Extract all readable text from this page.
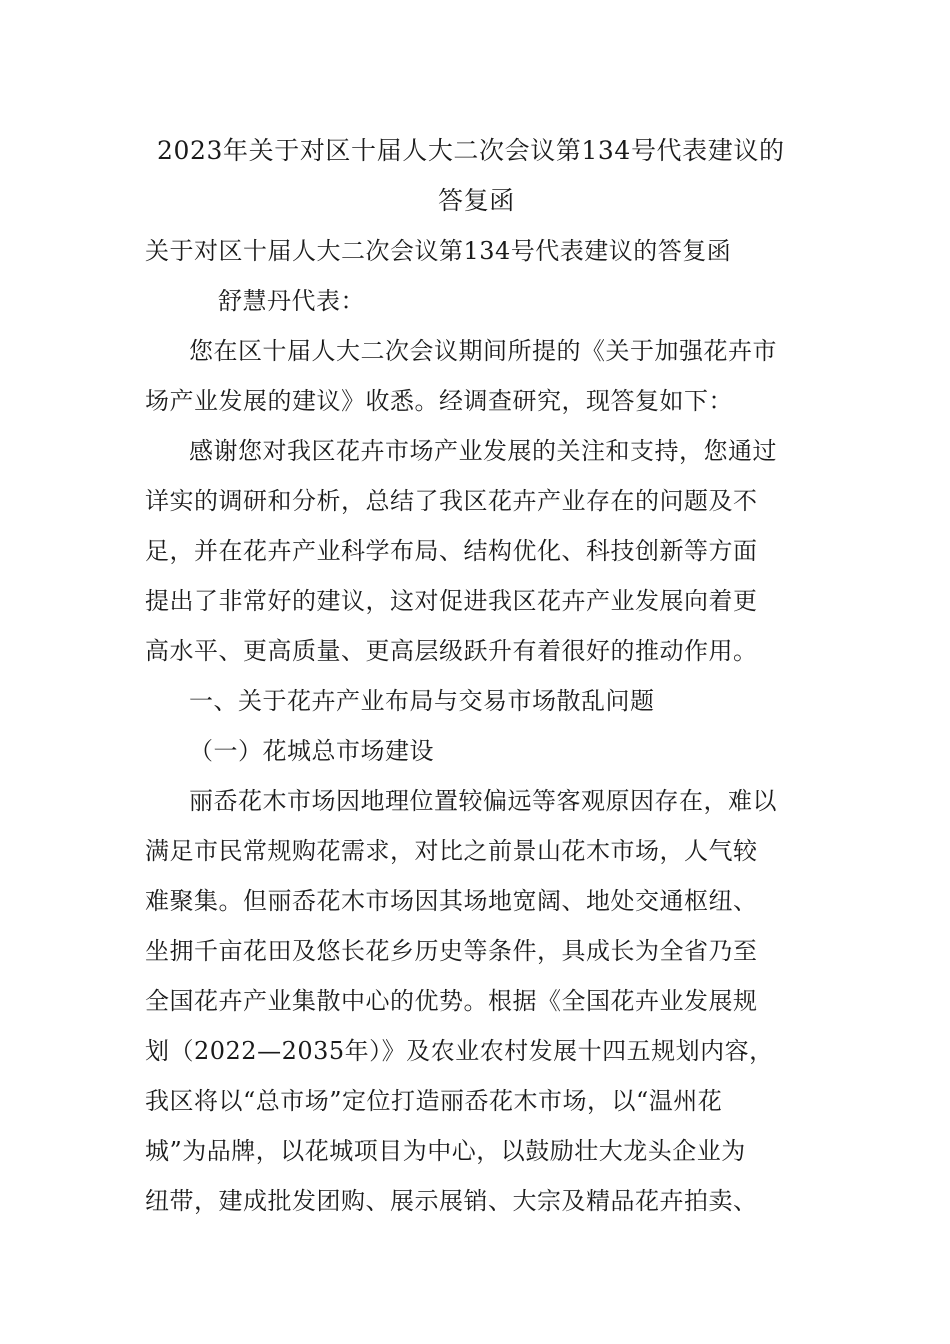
2023年关于对区十届人大二次会议第134号代表建议的
答复函
关于对区十届人大二次会议第134号代表建议的答复函
舒慧丹代表：
您在区十届人大二次会议期间所提的《关于加强花卉市
场产业发展的建议》收悉。经调查研究，现答复如下：
感谢您对我区花卉市场产业发展的关注和支持，您通过
详实的调研和分析，总结了我区花卉产业存在的问题及不
足，并在花卉产业科学布局、结构优化、科技创新等方面
提出了非常好的建议，这对促进我区花卉产业发展向着更
高水平、更高质量、更高层级跃升有着很好的推动作用。
一、关于花卉产业布局与交易市场散乱问题
（一）花城总市场建设
丽岙花木市场因地理位置较偏远等客观原因存在，难以
满足市民常规购花需求，对比之前景山花木市场，人气较
难聚集。但丽岙花木市场因其场地宽阔、地处交通枢纽、
坐拥千亩花田及悠长花乡历史等条件，具成长为全省乃至
全国花卉产业集散中心的优势。根据《全国花卉业发展规
划（2022—2035年）》及农业农村发展十四五规划内容，
我区将以“总市场”定位打造丽岙花木市场，以“温州花
城”为品牌，以花城项目为中心，以鼓励壮大龙头企业为
纽带，建成批发团购、展示展销、大宗及精品花卉拍卖、
